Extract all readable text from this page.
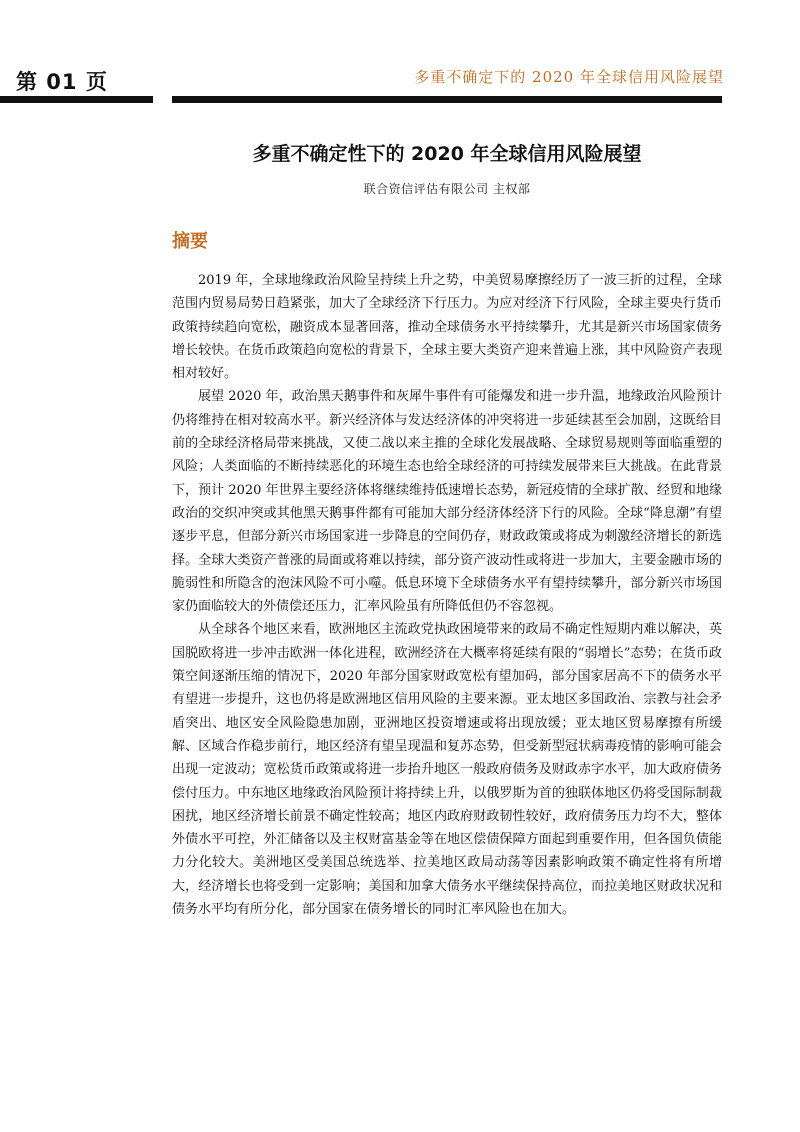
第 01 页	多重不确定下的 2020 年全球信用风险展望
多重不确定性下的 2020 年全球信用风险展望
联合资信评估有限公司 主权部
摘要

2019 年，全球地缘政治风险呈持续上升之势，中美贸易摩擦经历了一波三折的过程，全球范围内贸易局势日趋紧张，加大了全球经济下行压力。为应对经济下行风险，全球主要央行货币政策持续趋向宽松，融资成本显著回落，推动全球债务水平持续攀升，尤其是新兴市场国家债务增长较快。在货币政策趋向宽松的背景下，全球主要大类资产迎来普遍上涨，其中风险资产表现相对较好。

展望 2020 年，政治黑天鹅事件和灰犀牛事件有可能爆发和进一步升温，地缘政治风险预计仍将维持在相对较高水平。新兴经济体与发达经济体的冲突将进一步延续甚至会加剧，这既给目前的全球经济格局带来挑战，又使二战以来主推的全球化发展战略、全球贸易规则等面临重塑的风险；人类面临的不断持续恶化的环境生态也给全球经济的可持续发展带来巨大挑战。在此背景下，预计 2020 年世界主要经济体将继续维持低速增长态势，新冠疫情的全球扩散、经贸和地缘政治的交织冲突或其他黑天鹅事件都有可能加大部分经济体经济下行的风险。全球“降息潮”有望逐步平息，但部分新兴市场国家进一步降息的空间仍存，财政政策或将成为刺激经济增长的新选择。全球大类资产普涨的局面或将难以持续，部分资产波动性或将进一步加大，主要金融市场的脆弱性和所隐含的泡沫风险不可小噬。低息环境下全球债务水平有望持续攀升，部分新兴市场国家仍面临较大的外债偿还压力，汇率风险虽有所降低但仍不容忽视。

从全球各个地区来看，欧洲地区主流政党执政困境带来的政局不确定性短期内难以解决，英国脱欧将进一步冲击欧洲一体化进程，欧洲经济在大概率将延续有限的“弱增长”态势；在货币政策空间逐渐压缩的情况下，2020 年部分国家财政宽松有望加码，部分国家居高不下的债务水平有望进一步提升，这也仍将是欧洲地区信用风险的主要来源。亚太地区多国政治、宗教与社会矛盾突出、地区安全风险隐患加剧，亚洲地区投资增速或将出现放缓；亚太地区贸易摩擦有所缓解、区域合作稳步前行，地区经济有望呈现温和复苏态势，但受新型冠状病毒疫情的影响可能会出现一定波动；宽松货币政策或将进一步抬升地区一般政府债务及财政赤字水平，加大政府债务偿付压力。中东地区地缘政治风险预计将持续上升，以俄罗斯为首的独联体地区仍将受国际制裁困扰，地区经济增长前景不确定性较高；地区内政府财政韧性较好，政府债务压力均不大，整体外债水平可控，外汇储备以及主权财富基金等在地区偿债保障方面起到重要作用，但各国负债能力分化较大。美洲地区受美国总统选举、拉美地区政局动荡等因素影响政策不确定性将有所增大，经济增长也将受到一定影响；美国和加拿大债务水平继续保持高位，而拉美地区财政状况和债务水平均有所分化，部分国家在债务增长的同时汇率风险也在加大。
